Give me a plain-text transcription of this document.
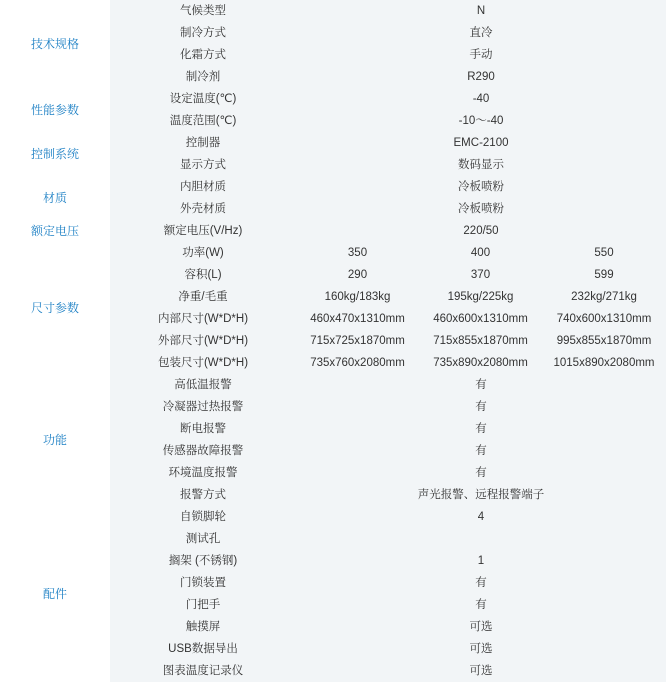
技术规格	气候类型	N		
	制冷方式	直冷		
	化霜方式	手动		
	制冷剂	R290		
性能参数	设定温度(℃)	-40		
	温度范围(℃)	-10～-40		
控制系统	控制器	EMC-2100		
	显示方式	数码显示		
材质	内胆材质	冷板喷粉		
	外壳材质	冷板喷粉		
额定电压	额定电压(V/Hz)	220/50		
尺寸参数	功率(W)	350	400	550
	容积(L)	290	370	599
	净重/毛重	160kg/183kg	195kg/225kg	232kg/271kg
	内部尺寸(W*D*H)	460x470x1310mm	460x600x1310mm	740x600x1310mm
	外部尺寸(W*D*H)	715x725x1870mm	715x855x1870mm	995x855x1870mm
	包装尺寸(W*D*H)	735x760x2080mm	735x890x2080mm	1015x890x2080mm
功能	高低温报警	有		
	冷凝器过热报警	有		
	断电报警	有		
	传感器故障报警	有		
	环境温度报警	有		
	报警方式	声光报警、远程报警端子		
配件	自锁脚轮	4		
	测试孔			
	搁架 (不锈钢)	1		
	门锁装置	有		
	门把手	有		
	触摸屏	可选		
	USB数据导出	可选		
	图表温度记录仪	可选		
